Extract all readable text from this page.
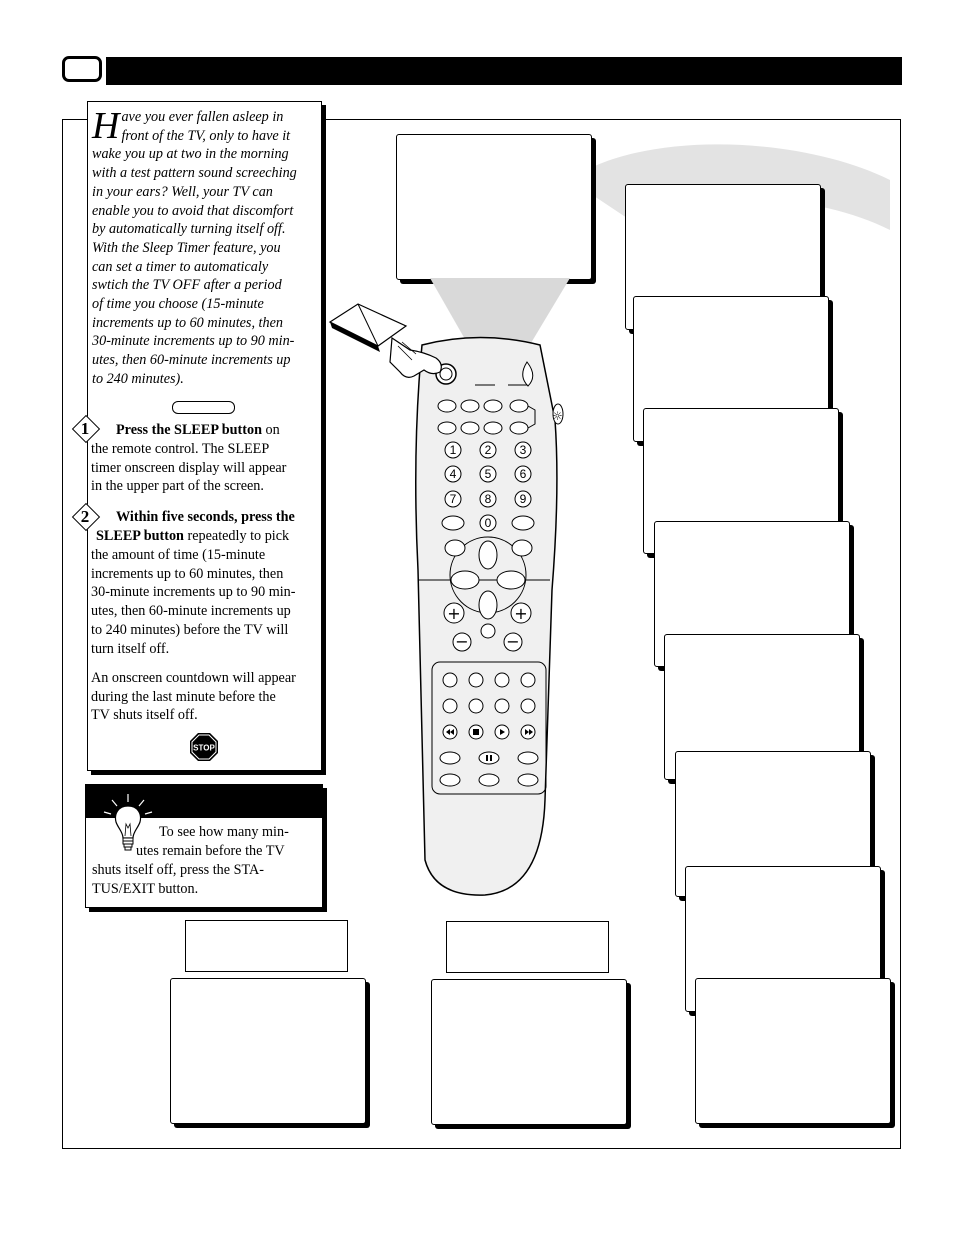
H ave you ever fallen asleep in
front of the TV, only to have it
wake you up at two in the morning
with a test pattern sound screeching
in your ears? Well, your TV can
enable you to avoid that discomfort
by automatically turning itself off.
With the Sleep Timer feature, you
can set a timer to automaticaly
swtich the TV OFF after a period
of time you choose (15-minute
increments up to 60 minutes, then
30-minute increments up to 90 min-
utes, then 60-minute increments up
to 240 minutes).
1	Press the SLEEP button on
the remote control. The SLEEP
timer onscreen display will appear
in the upper part of the screen.
2	Within five seconds, press the
SLEEP button repeatedly to pick
the amount of time (15-minute
increments up to 60 minutes, then
30-minute increments up to 90 min-
utes, then 60-minute increments up
to 240 minutes) before the TV will
turn itself off.
An onscreen countdown will appear
during the last minute before the
TV shuts itself off.
STOP
To see how many min-
utes remain before the TV
shuts itself off, press the STA-
TUS/EXIT button.
☼
1 2 3
4 5 6
7 8 9
0
+	+
− −
